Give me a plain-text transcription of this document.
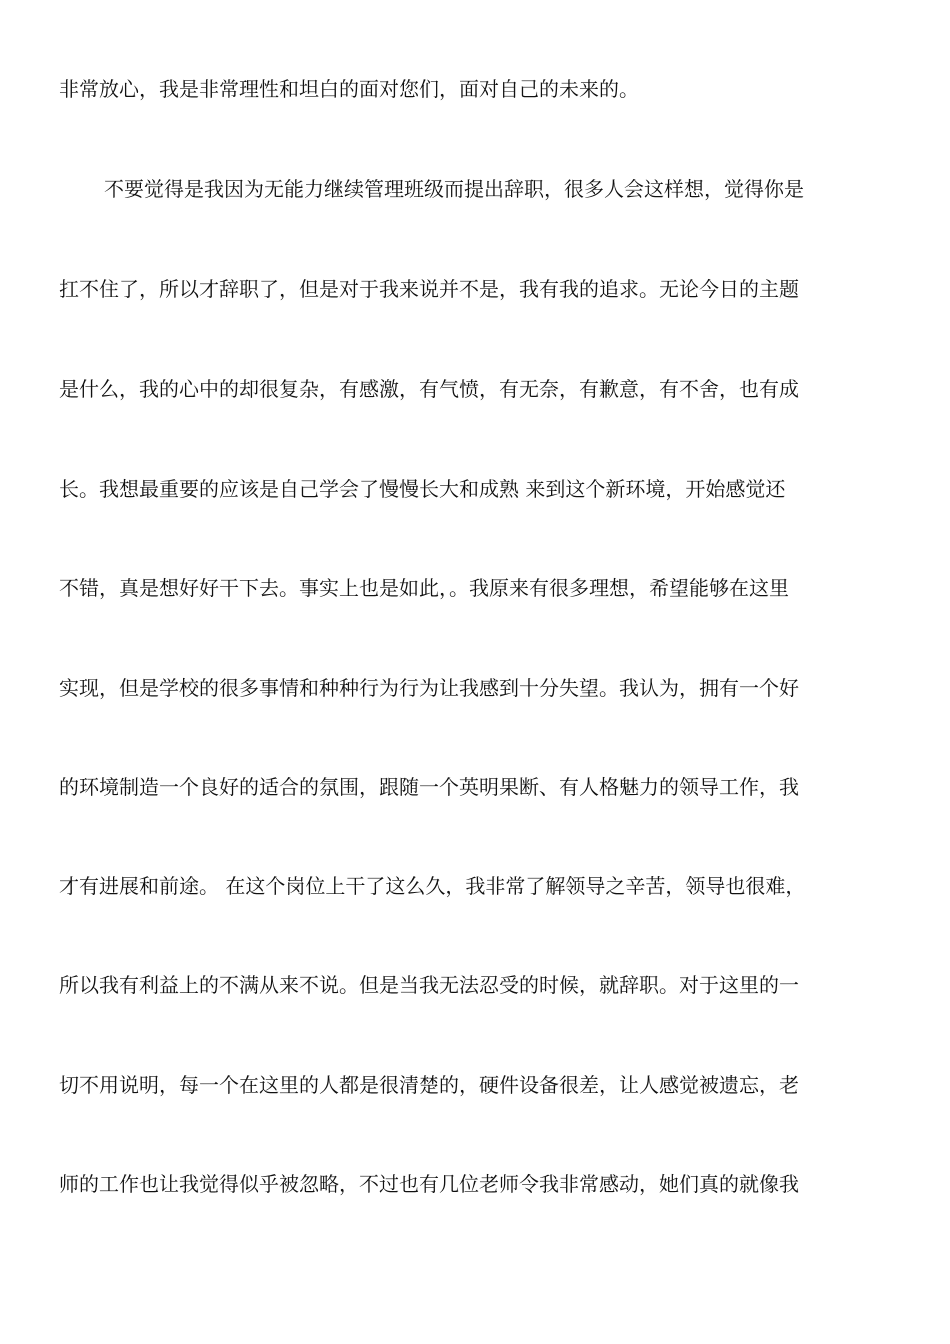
非常放心，我是非常理性和坦白的面对您们，面对自己的未来的。
不要觉得是我因为无能力继续管理班级而提出辞职，很多人会这样想，觉得你是
扛不住了，所以才辞职了，但是对于我来说并不是，我有我的追求。无论今日的主题
是什么，我的心中的却很复杂，有感激，有气愤，有无奈，有歉意，有不舍，也有成
长。我想最重要的应该是自己学会了慢慢长大和成熟 来到这个新环境，开始感觉还
不错，真是想好好干下去。事实上也是如此，。我原来有很多理想，希望能够在这里
实现，但是学校的很多事情和种种行为行为让我感到十分失望。我认为，拥有一个好
的环境制造一个良好的适合的氛围，跟随一个英明果断、有人格魅力的领导工作，我
才有进展和前途。 在这个岗位上干了这么久，我非常了解领导之辛苦，领导也很难，
所以我有利益上的不满从来不说。但是当我无法忍受的时候，就辞职。对于这里的一
切不用说明，每一个在这里的人都是很清楚的，硬件设备很差，让人感觉被遗忘，老
师的工作也让我觉得似乎被忽略，不过也有几位老师令我非常感动，她们真的就像我
